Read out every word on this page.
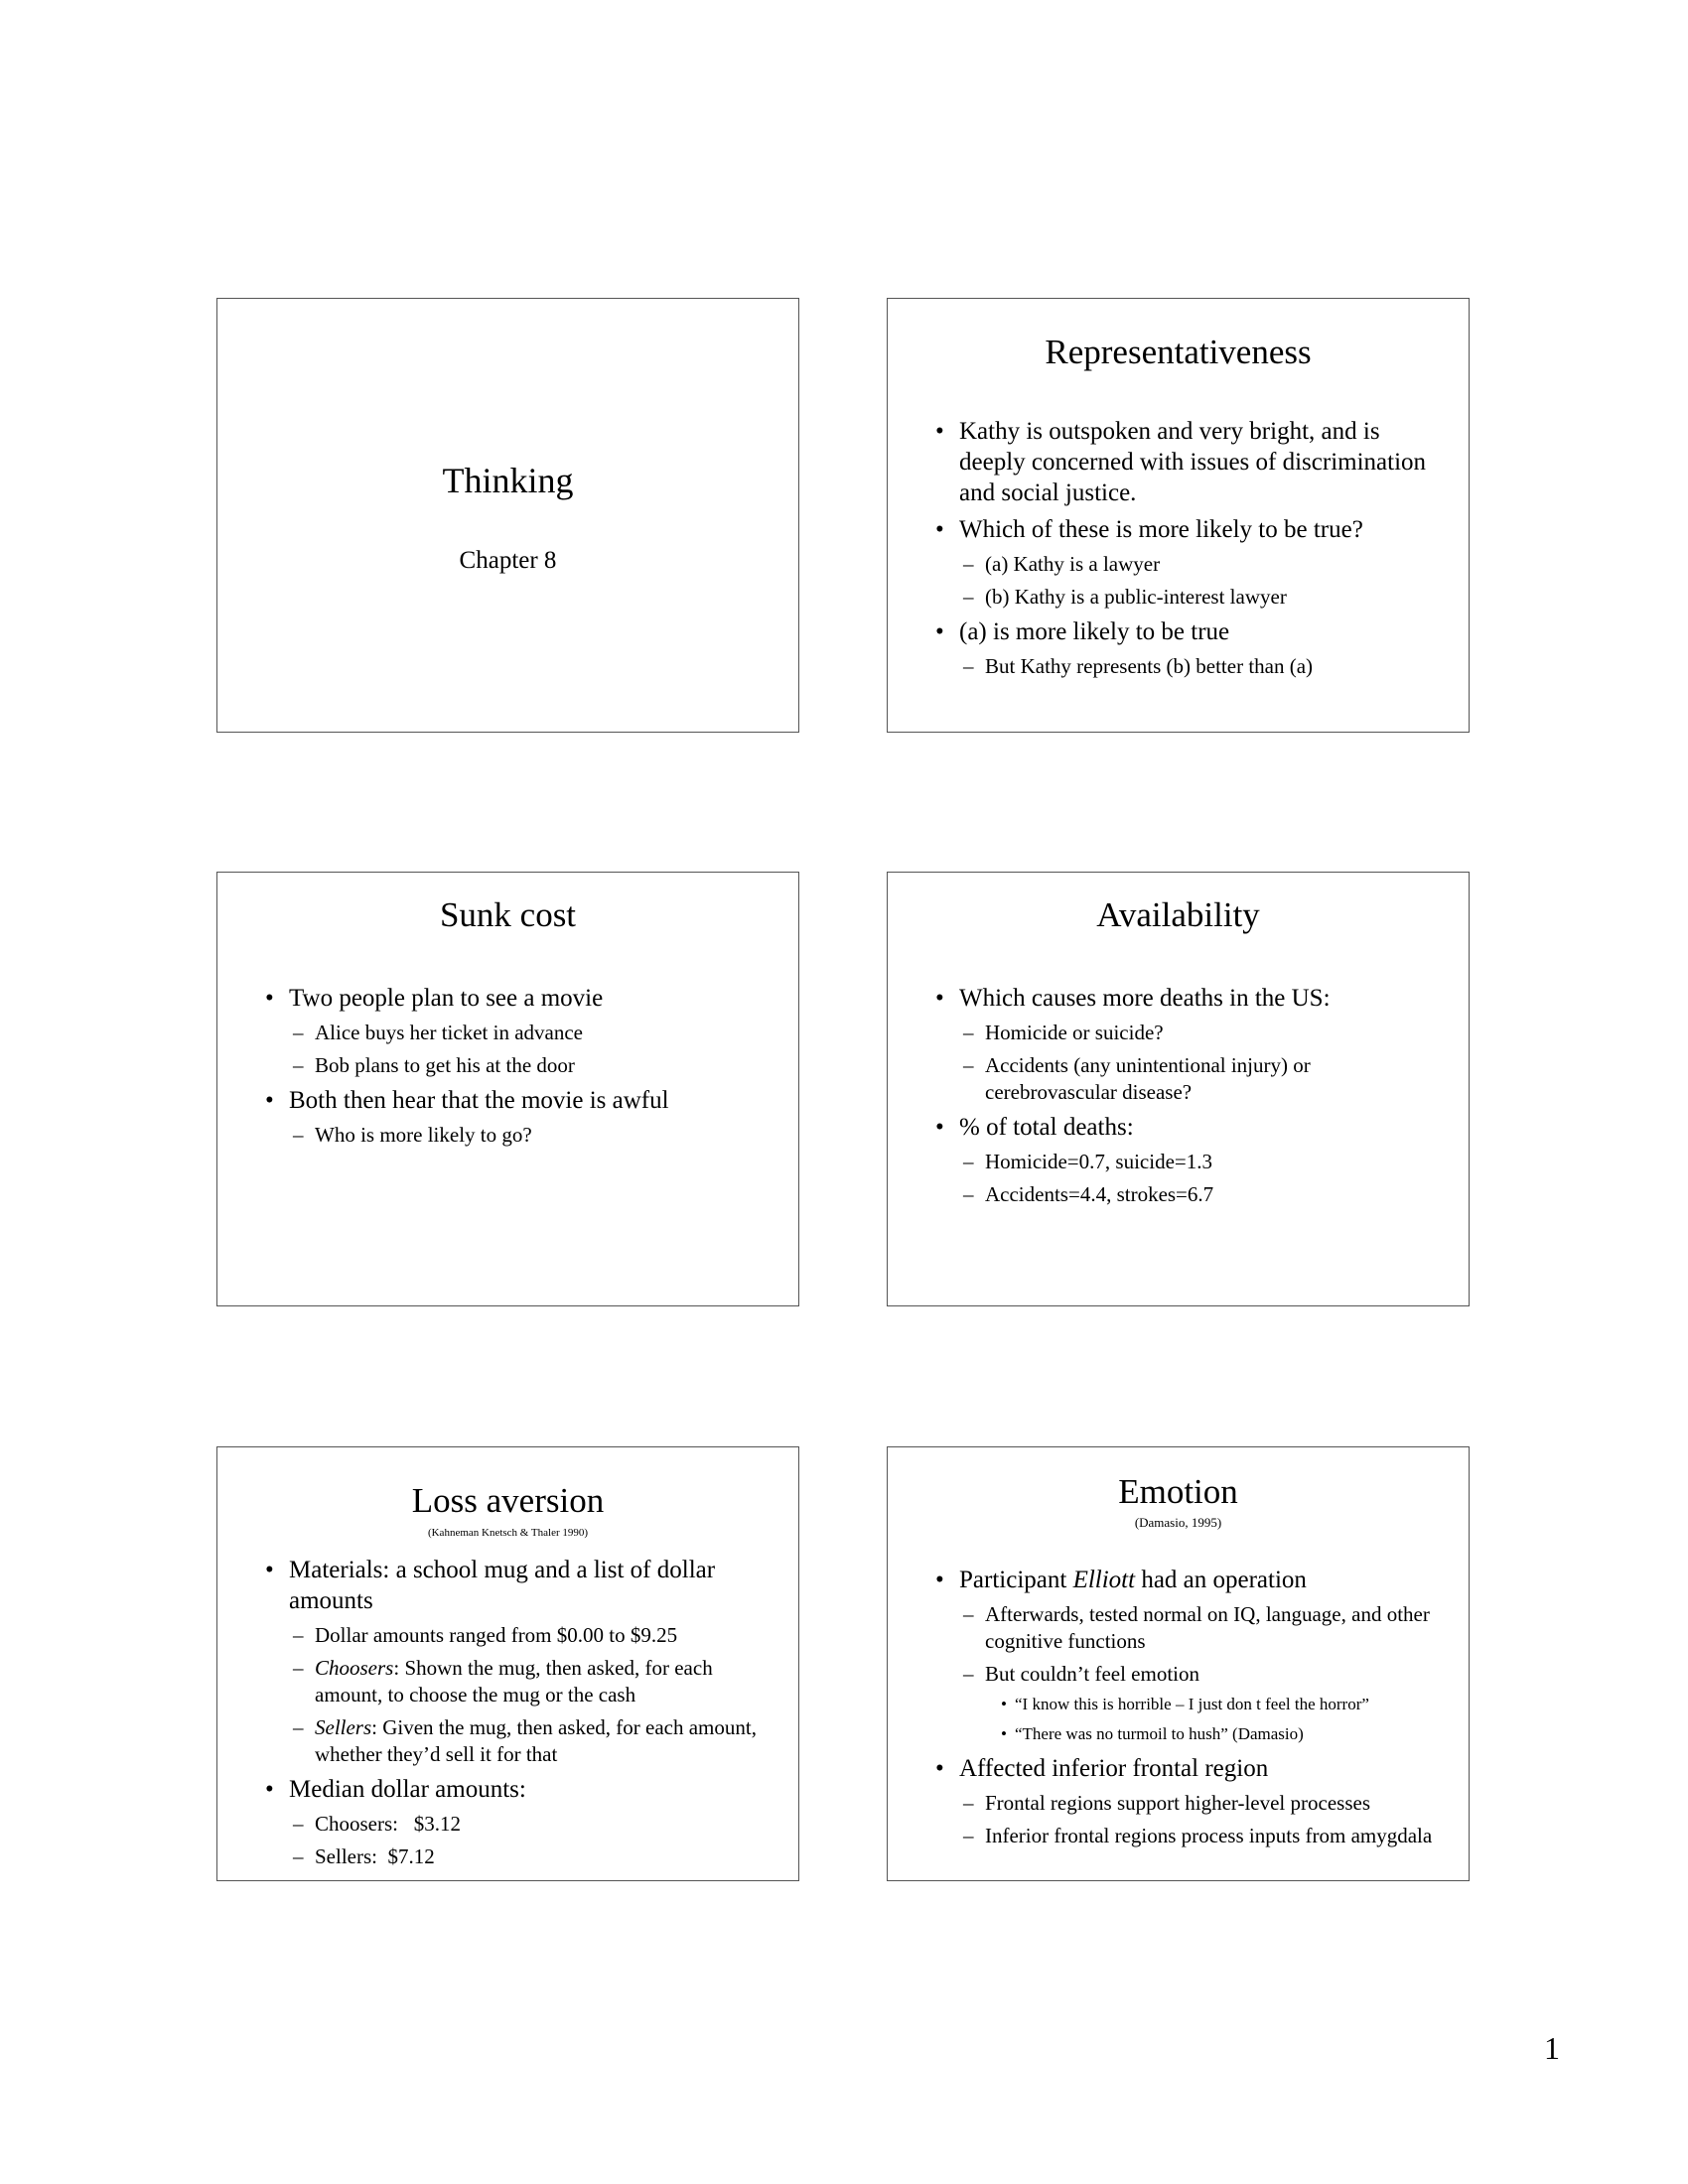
Thinking
Chapter 8
Representativeness
• Kathy is outspoken and very bright, and is deeply concerned with issues of discrimination and social justice.
• Which of these is more likely to be true?
– (a) Kathy is a lawyer
– (b) Kathy is a public-interest lawyer
• (a) is more likely to be true
– But Kathy represents (b) better than (a)
Sunk cost
• Two people plan to see a movie
– Alice buys her ticket in advance
– Bob plans to get his at the door
• Both then hear that the movie is awful
– Who is more likely to go?
Availability
• Which causes more deaths in the US:
– Homicide or suicide?
– Accidents (any unintentional injury) or cerebrovascular disease?
• % of total deaths:
– Homicide=0.7, suicide=1.3
– Accidents=4.4, strokes=6.7
Loss aversion
(Kahneman Knetsch & Thaler 1990)
• Materials: a school mug and a list of dollar amounts
– Dollar amounts ranged from $0.00 to $9.25
– Choosers: Shown the mug, then asked, for each amount, to choose the mug or the cash
– Sellers: Given the mug, then asked, for each amount, whether they’d sell it for that
• Median dollar amounts:
– Choosers:   $3.12
– Sellers:  $7.12
Emotion
(Damasio, 1995)
• Participant Elliott had an operation
– Afterwards, tested normal on IQ, language, and other cognitive functions
– But couldn’t feel emotion
• “I know this is horrible – I just don t feel the horror”
• “There was no turmoil to hush” (Damasio)
• Affected inferior frontal region
– Frontal regions support higher-level processes
– Inferior frontal regions process inputs from amygdala
1
